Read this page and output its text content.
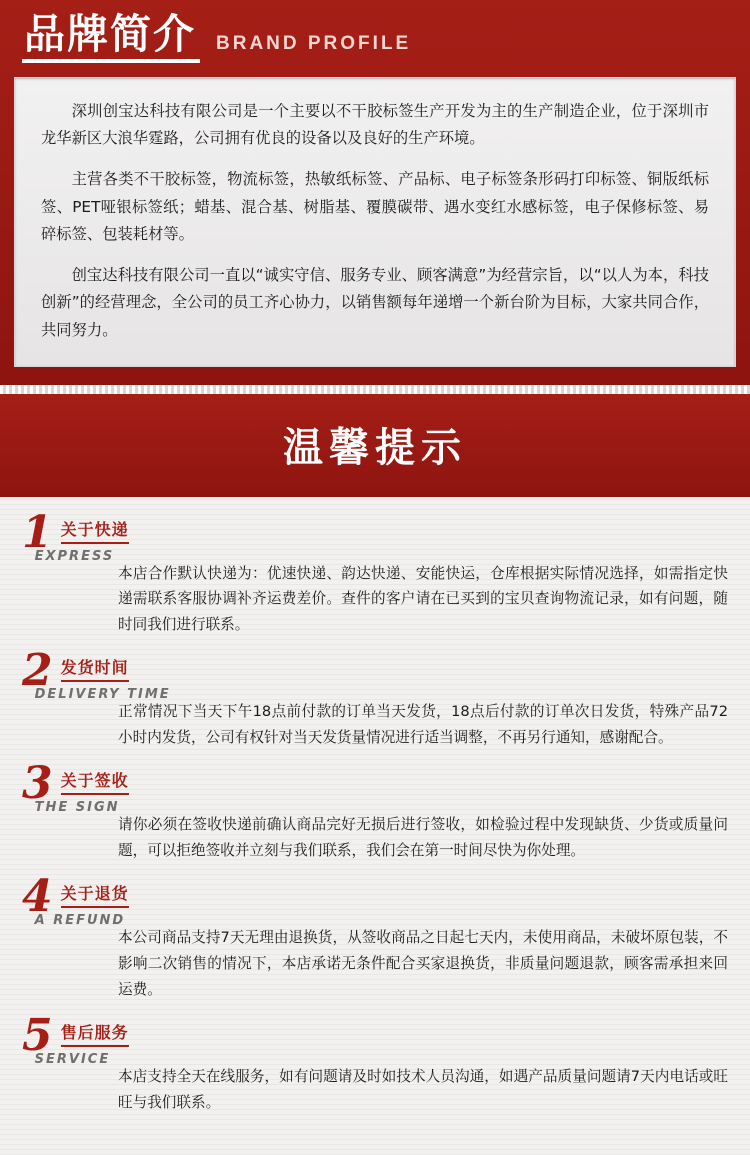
品牌简介 BRAND PROFILE

深圳创宝达科技有限公司是一个主要以不干胶标签生产开发为主的生产制造企业，位于深圳市龙华新区大浪华霆路，公司拥有优良的设备以及良好的生产环境。

主营各类不干胶标签，物流标签，热敏纸标签、产品标、电子标签条形码打印标签、铜版纸标签、PET哑银标签纸；蜡基、混合基、树脂基、覆膜碳带、遇水变红水感标签，电子保修标签、易碎标签、包装耗材等。

创宝达科技有限公司一直以“诚实守信、服务专业、顾客满意”为经营宗旨，以“以人为本，科技创新”的经营理念，全公司的员工齐心协力，以销售额每年递增一个新台阶为目标，大家共同合作，共同努力。

温馨提示
1 关于快递
EXPRESS
本店合作默认快递为：优速快递、韵达快递、安能快运，仓库根据实际情况选择，如需指定快递需联系客服协调补齐运费差价。查件的客户请在已买到的宝贝查询物流记录，如有问题，随时同我们进行联系。
2 发货时间
DELIVERY TIME
正常情况下当天下午18点前付款的订单当天发货，18点后付款的订单次日发货，特殊产品72小时内发货，公司有权针对当天发货量情况进行适当调整，不再另行通知，感谢配合。
3 关于签收
THE SIGN
请你必须在签收快递前确认商品完好无损后进行签收，如检验过程中发现缺货、少货或质量问题，可以拒绝签收并立刻与我们联系，我们会在第一时间尽快为你处理。
4 关于退货
A REFUND
本公司商品支持7天无理由退换货，从签收商品之日起七天内，未使用商品，未破坏原包装，不影响二次销售的情况下，本店承诺无条件配合买家退换货，非质量问题退款，顾客需承担来回运费。
5 售后服务
SERVICE
本店支持全天在线服务，如有问题请及时如技术人员沟通，如遇产品质量问题请7天内电话或旺旺与我们联系。
